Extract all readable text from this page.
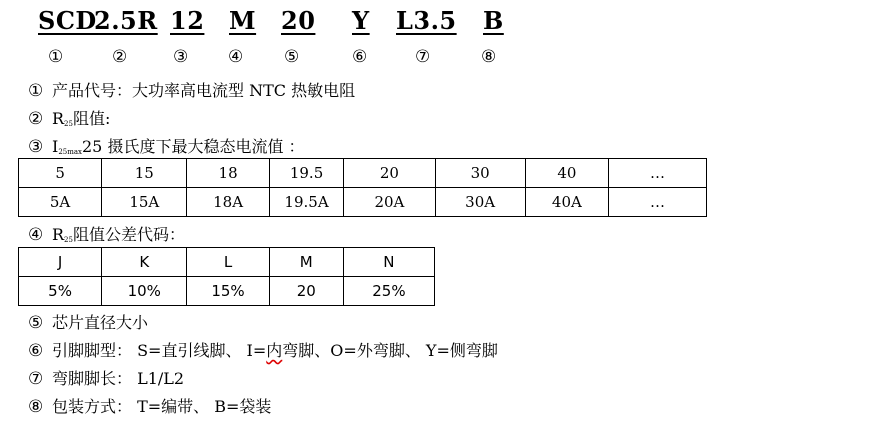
SCD
2.5R 12 M 20 Y L3.5 B
①	②	③ ④ ⑤	⑥	⑦	⑧
① 产品代号：大功率高电流型 NTC 热敏电阻
② $R_{25}$阻值:
③ $I_{25max}25$ 摄氏度下最大稳态电流值 ：
5	15	18	19.5	20	30	40	…
5A	15A	18A	19.5A	20A	30A	40A	…
④ $R_{25}$阻值公差代码：
J	K	L	M	N
5%	10%	15%	20	25%
⑤ 芯片直径大小
⑥ 引脚脚型： S=直引线脚、 I=内弯脚、O=外弯脚、 Y=侧弯脚
⑦ 弯脚脚长： L1/L2
⑧ 包装方式： T=编带、 B=袋装
